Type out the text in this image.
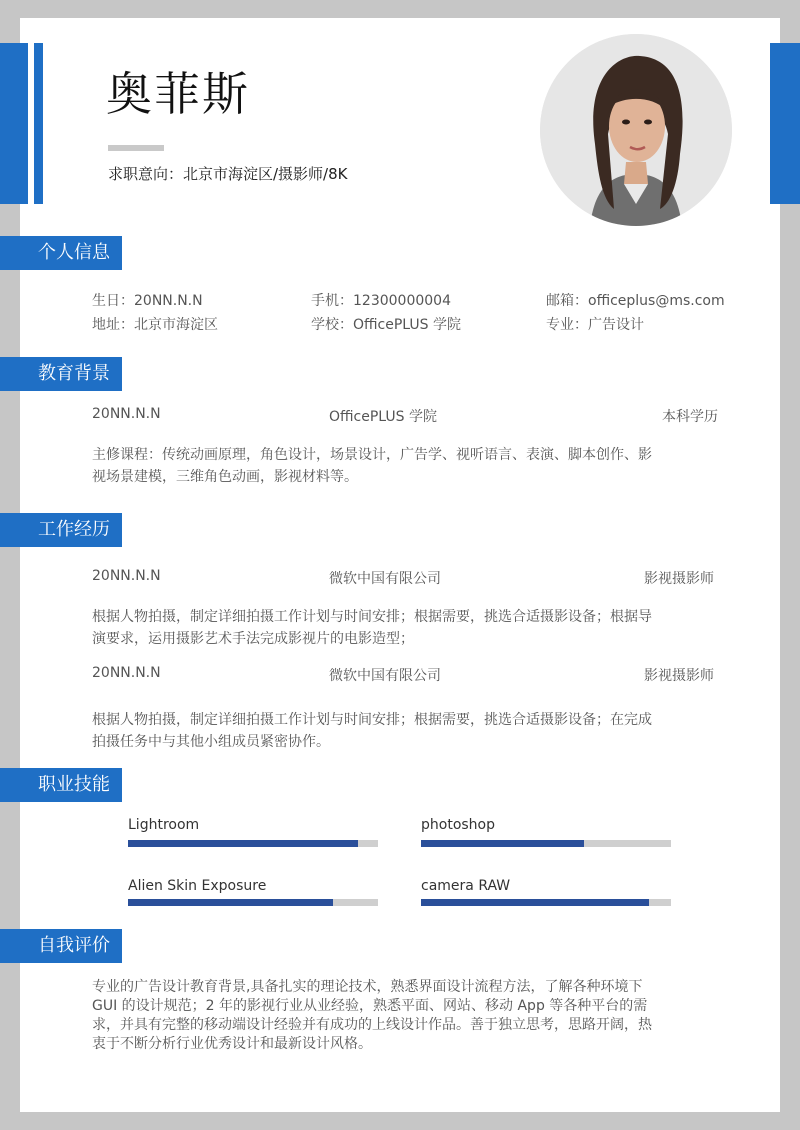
奥菲斯
求职意向：北京市海淀区/摄影师/8K
个人信息
生日：20NN.N.N	手机：12300000004	邮箱：officeplus@ms.com
地址：北京市海淀区	学校：OfficePLUS 学院	专业：广告设计
教育背景
20NN.N.N	OfficePLUS 学院	本科学历
主修课程：传统动画原理，角色设计，场景设计，广告学、视听语言、表演、脚本创作、影
视场景建模，三维角色动画，影视材料等。
工作经历
20NN.N.N	微软中国有限公司	影视摄影师
根据人物拍摄，制定详细拍摄工作计划与时间安排；根据需要，挑选合适摄影设备；根据导
演要求，运用摄影艺术手法完成影视片的电影造型；
20NN.N.N	微软中国有限公司	影视摄影师
根据人物拍摄，制定详细拍摄工作计划与时间安排；根据需要，挑选合适摄影设备；在完成
拍摄任务中与其他小组成员紧密协作。
职业技能
Lightroom	photoshop
Alien Skin Exposure	camera RAW
自我评价
专业的广告设计教育背景,具备扎实的理论技术，熟悉界面设计流程方法，了解各种环境下
GUI 的设计规范；2 年的影视行业从业经验，熟悉平面、网站、移动 App 等各种平台的需
求，并具有完整的移动端设计经验并有成功的上线设计作品。善于独立思考，思路开阔，热
衷于不断分析行业优秀设计和最新设计风格。
